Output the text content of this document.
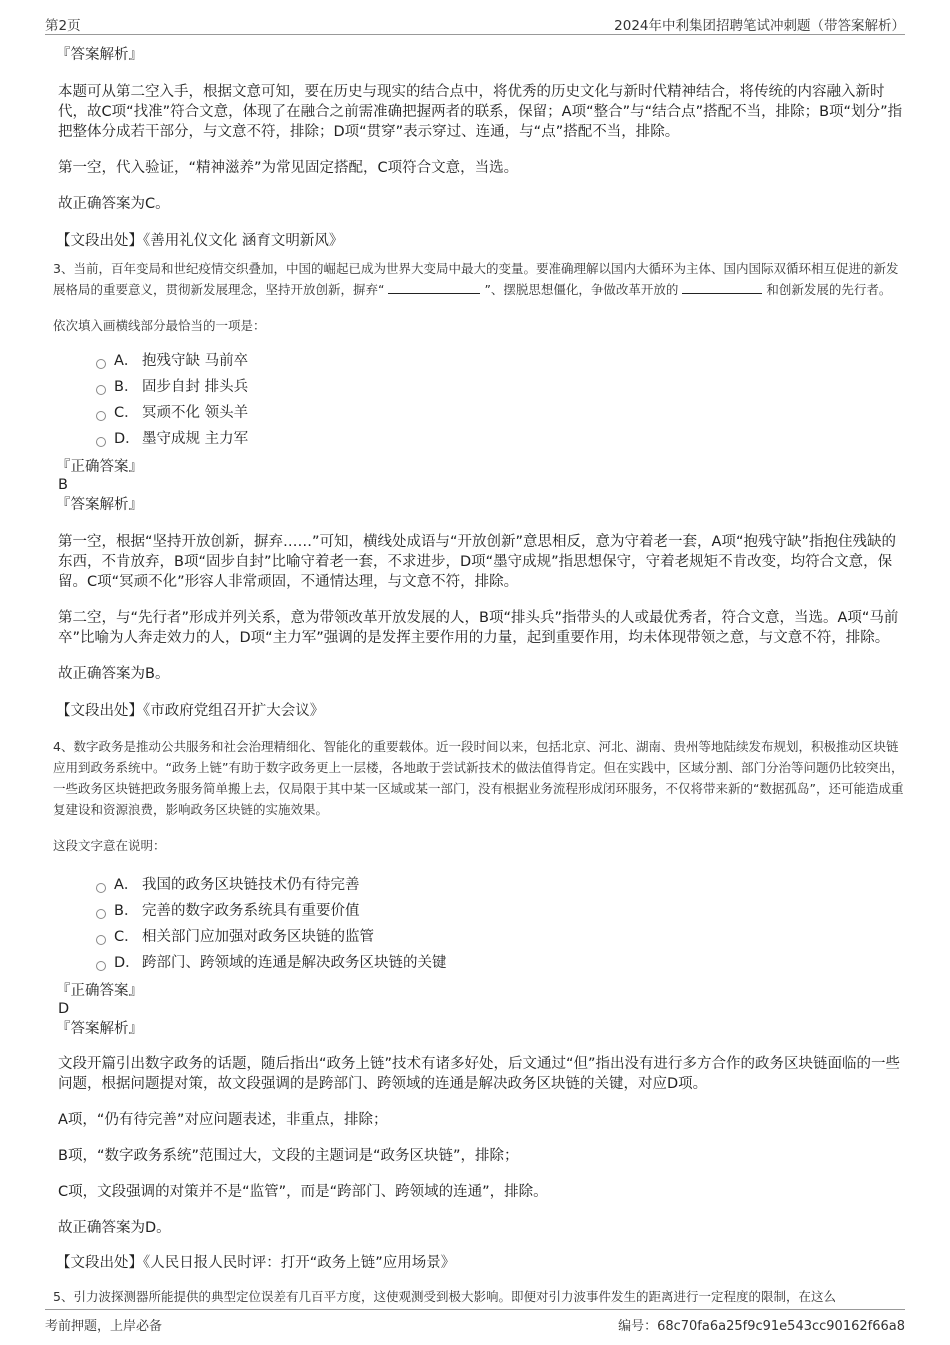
第2页	2024年中利集团招聘笔试冲刺题（带答案解析）
『答案解析』

本题可从第二空入手，根据文意可知，要在历史与现实的结合点中，将优秀的历史文化与新时代精神结合，将传统的内容融入新时代，故C项“找准”符合文意，体现了在融合之前需准确把握两者的联系，保留；A项“整合”与“结合点”搭配不当，排除；B项“划分”指把整体分成若干部分，与文意不符，排除；D项“贯穿”表示穿过、连通，与“点”搭配不当，排除。

第一空，代入验证，“精神滋养”为常见固定搭配，C项符合文意，当选。

故正确答案为C。

【文段出处】《善用礼仪文化 涵育文明新风》
3、当前，百年变局和世纪疫情交织叠加，中国的崛起已成为世界大变局中最大的变量。要准确理解以国内大循环为主体、国内国际双循环相互促进的新发展格局的重要意义，贯彻新发展理念，坚持开放创新，摒弃“	”、摆脱思想僵化，争做改革开放的	和创新发展的先行者。
依次填入画横线部分最恰当的一项是：
A． 抱残守缺 马前卒
B． 固步自封 排头兵
C． 冥顽不化 领头羊
D． 墨守成规 主力军
『正确答案』
B
『答案解析』

第一空，根据“坚持开放创新，摒弃……”可知，横线处成语与“开放创新”意思相反，意为守着老一套，A项“抱残守缺”指抱住残缺的东西，不肯放弃，B项“固步自封”比喻守着老一套，不求进步，D项“墨守成规”指思想保守，守着老规矩不肯改变，均符合文意，保留。C项“冥顽不化”形容人非常顽固，不通情达理，与文意不符，排除。

第二空，与“先行者”形成并列关系，意为带领改革开放发展的人，B项“排头兵”指带头的人或最优秀者，符合文意，当选。A项“马前卒”比喻为人奔走效力的人，D项“主力军”强调的是发挥主要作用的力量，起到重要作用，均未体现带领之意，与文意不符，排除。

故正确答案为B。

【文段出处】《市政府党组召开扩大会议》
4、数字政务是推动公共服务和社会治理精细化、智能化的重要载体。近一段时间以来，包括北京、河北、湖南、贵州等地陆续发布规划，积极推动区块链应用到政务系统中。“政务上链”有助于数字政务更上一层楼，各地敢于尝试新技术的做法值得肯定。但在实践中，区域分割、部门分治等问题仍比较突出，一些政务区块链把政务服务简单搬上去，仅局限于其中某一区域或某一部门，没有根据业务流程形成闭环服务，不仅将带来新的“数据孤岛”，还可能造成重复建设和资源浪费，影响政务区块链的实施效果。
这段文字意在说明：
A． 我国的政务区块链技术仍有待完善
B． 完善的数字政务系统具有重要价值
C． 相关部门应加强对政务区块链的监管
D． 跨部门、跨领域的连通是解决政务区块链的关键
『正确答案』
D
『答案解析』

文段开篇引出数字政务的话题，随后指出“政务上链”技术有诸多好处，后文通过“但”指出没有进行多方合作的政务区块链面临的一些问题，根据问题提对策，故文段强调的是跨部门、跨领域的连通是解决政务区块链的关键，对应D项。

A项，“仍有待完善”对应问题表述，非重点，排除；

B项，“数字政务系统”范围过大，文段的主题词是“政务区块链”，排除；

C项，文段强调的对策并不是“监管”，而是“跨部门、跨领域的连通”，排除。

故正确答案为D。

【文段出处】《人民日报人民时评：打开“政务上链”应用场景》
5、引力波探测器所能提供的典型定位误差有几百平方度，这使观测受到极大影响。即便对引力波事件发生的距离进行一定程度的限制，在这么
考前押题，上岸必备	编号：68c70fa6a25f9c91e543cc90162f66a8
